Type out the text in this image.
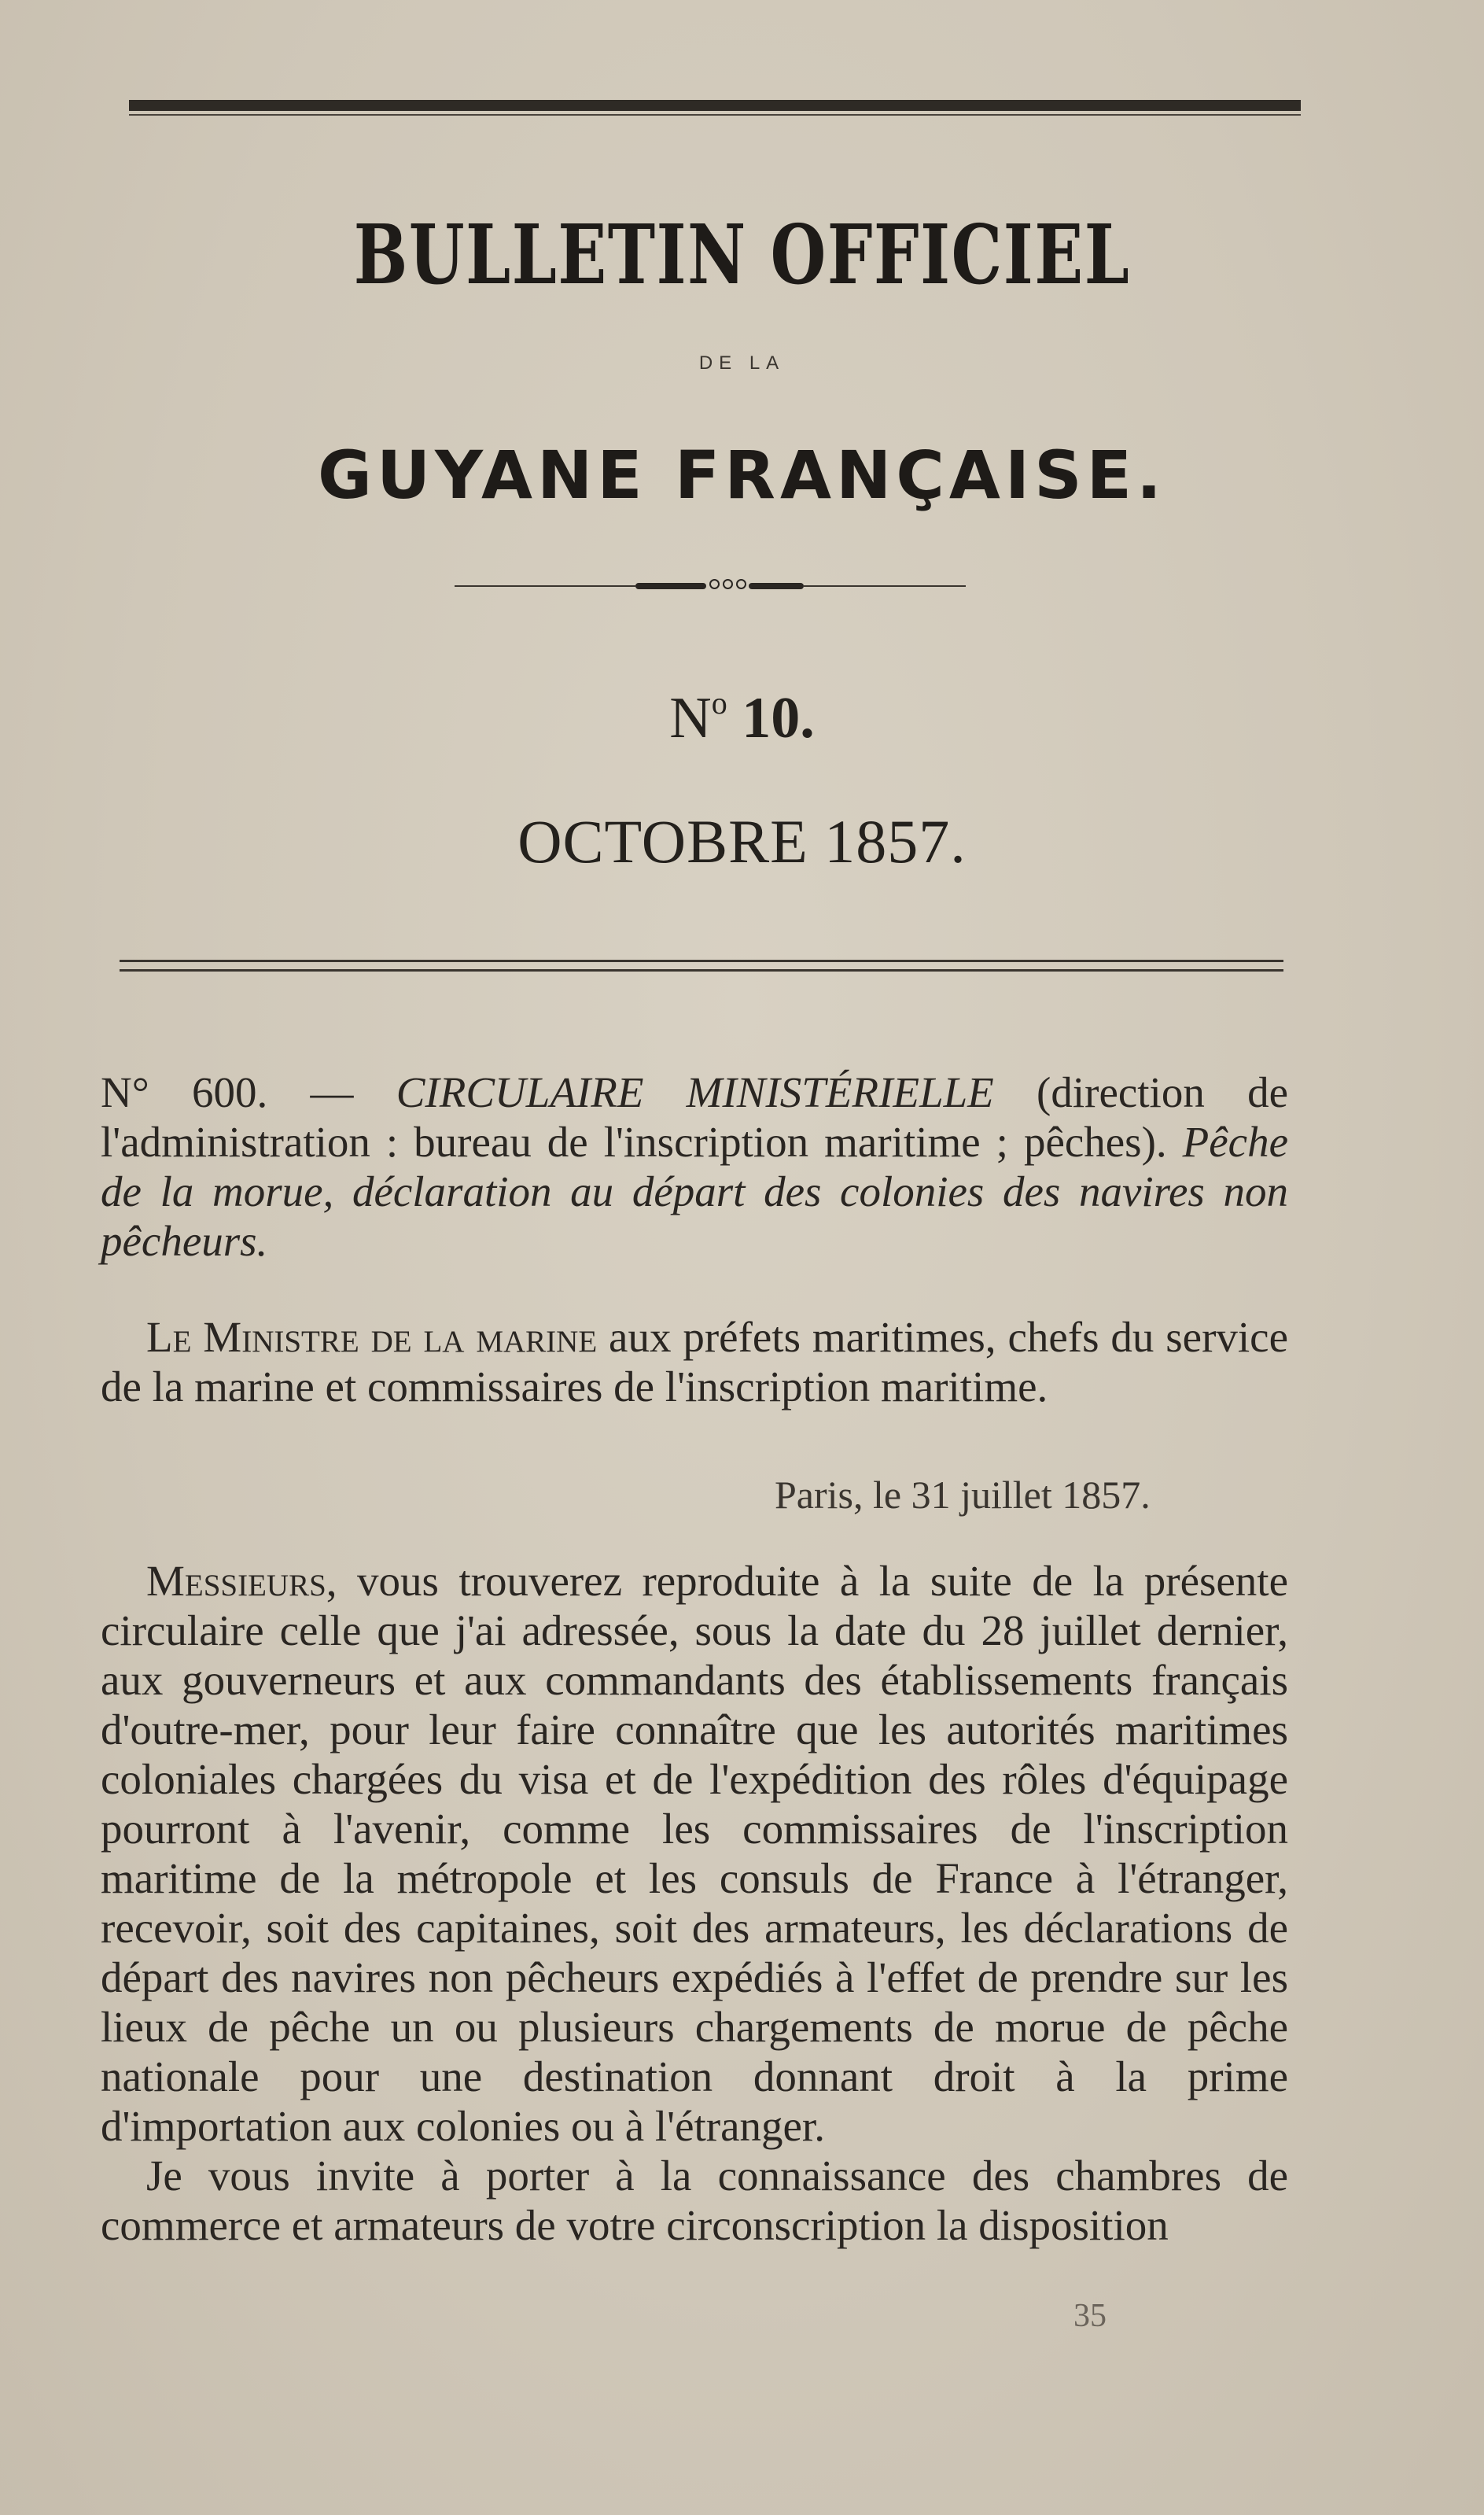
BULLETIN OFFICIEL
DE LA
GUYANE FRANÇAISE.
$N^o$ 10.
OCTOBRE 1857.
N° 600. — CIRCULAIRE MINISTÉRIELLE (direction de l'administration : bureau de l'inscription maritime ; pêches). Pêche de la morue, déclaration au départ des colonies des navires non pêcheurs.
Le Ministre de la marine aux préfets maritimes, chefs du service de la marine et commissaires de l'inscription maritime.
Paris, le 31 juillet 1857.
Messieurs, vous trouverez reproduite à la suite de la présente circulaire celle que j'ai adressée, sous la date du 28 juillet dernier, aux gouverneurs et aux commandants des établissements français d'outre-mer, pour leur faire connaître que les autorités maritimes coloniales chargées du visa et de l'expédition des rôles d'équipage pourront à l'avenir, comme les commissaires de l'inscription maritime de la métropole et les consuls de France à l'étranger, recevoir, soit des capitaines, soit des armateurs, les déclarations de départ des navires non pêcheurs expédiés à l'effet de prendre sur les lieux de pêche un ou plusieurs chargements de morue de pêche nationale pour une destination donnant droit à la prime d'importation aux colonies ou à l'étranger.
Je vous invite à porter à la connaissance des chambres de commerce et armateurs de votre circonscription la disposition
35
